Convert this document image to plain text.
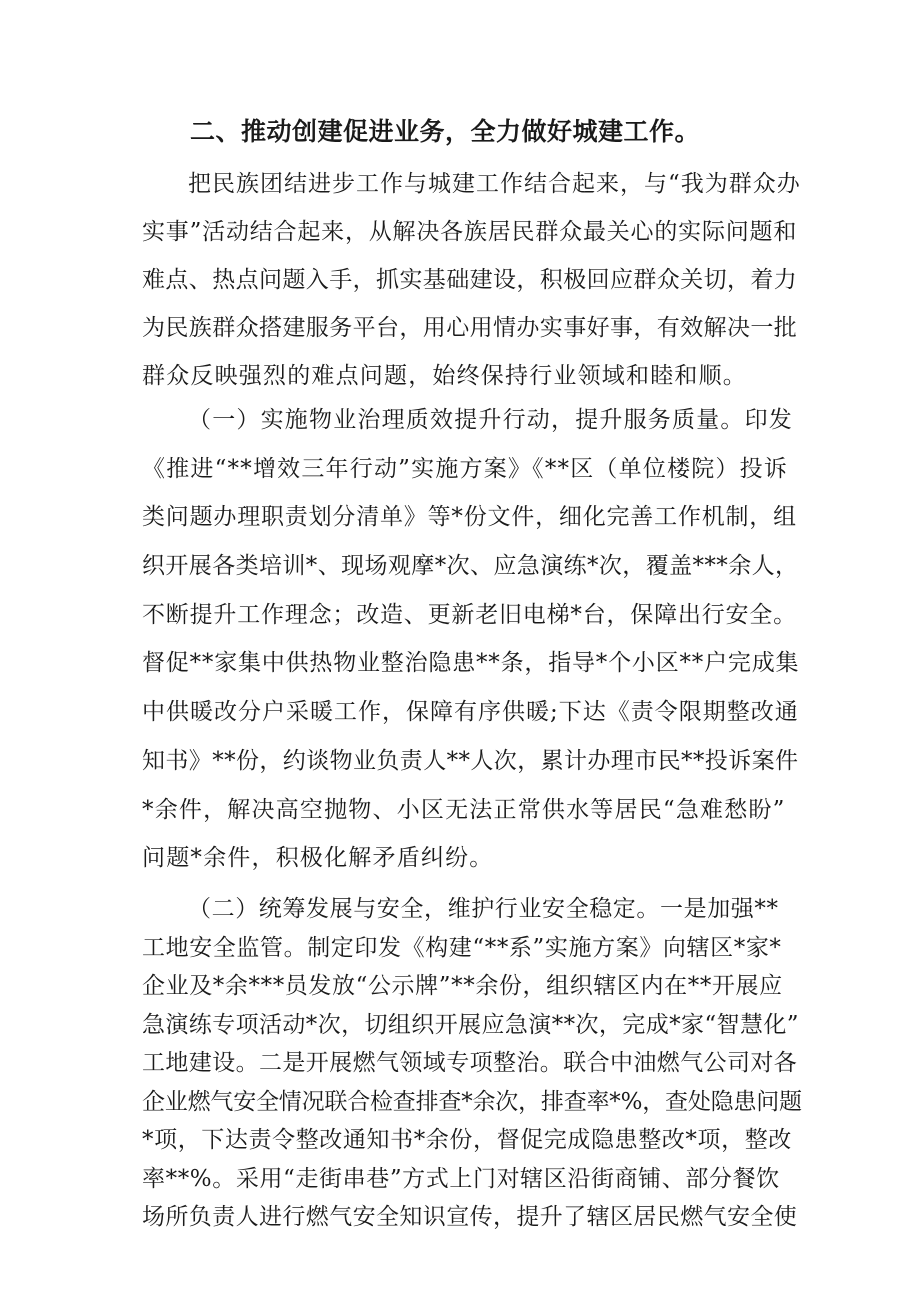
二、推动创建促进业务，全力做好城建工作。
把民族团结进步工作与城建工作结合起来，与“我为群众办
实事”活动结合起来，从解决各族居民群众最关心的实际问题和
难点、热点问题入手，抓实基础建设，积极回应群众关切，着力
为民族群众搭建服务平台，用心用情办实事好事，有效解决一批
群众反映强烈的难点问题，始终保持行业领域和睦和顺。
（一）实施物业治理质效提升行动，提升服务质量。印发
《推进“**增效三年行动”实施方案》《**区（单位楼院）投诉
类问题办理职责划分清单》等*份文件，细化完善工作机制，组
织开展各类培训*、现场观摩*次、应急演练*次，覆盖***余人，
不断提升工作理念；改造、更新老旧电梯*台，保障出行安全。
督促**家集中供热物业整治隐患**条，指导*个小区**户完成集
中供暖改分户采暖工作，保障有序供暖;下达《责令限期整改通
知书》**份，约谈物业负责人**人次，累计办理市民**投诉案件
*余件，解决高空抛物、小区无法正常供水等居民“急难愁盼”
问题*余件，积极化解矛盾纠纷。
（二）统筹发展与安全，维护行业安全稳定。一是加强**
工地安全监管。制定印发《构建“**系”实施方案》向辖区*家*
企业及*余***员发放“公示牌”**余份，组织辖区内在**开展应
急演练专项活动*次，切组织开展应急演**次，完成*家“智慧化”
工地建设。二是开展燃气领域专项整治。联合中油燃气公司对各
企业燃气安全情况联合检查排查*余次，排查率*%，查处隐患问题
*项，下达责令整改通知书*余份，督促完成隐患整改*项，整改
率**%。采用“走街串巷”方式上门对辖区沿街商铺、部分餐饮
场所负责人进行燃气安全知识宣传，提升了辖区居民燃气安全使
